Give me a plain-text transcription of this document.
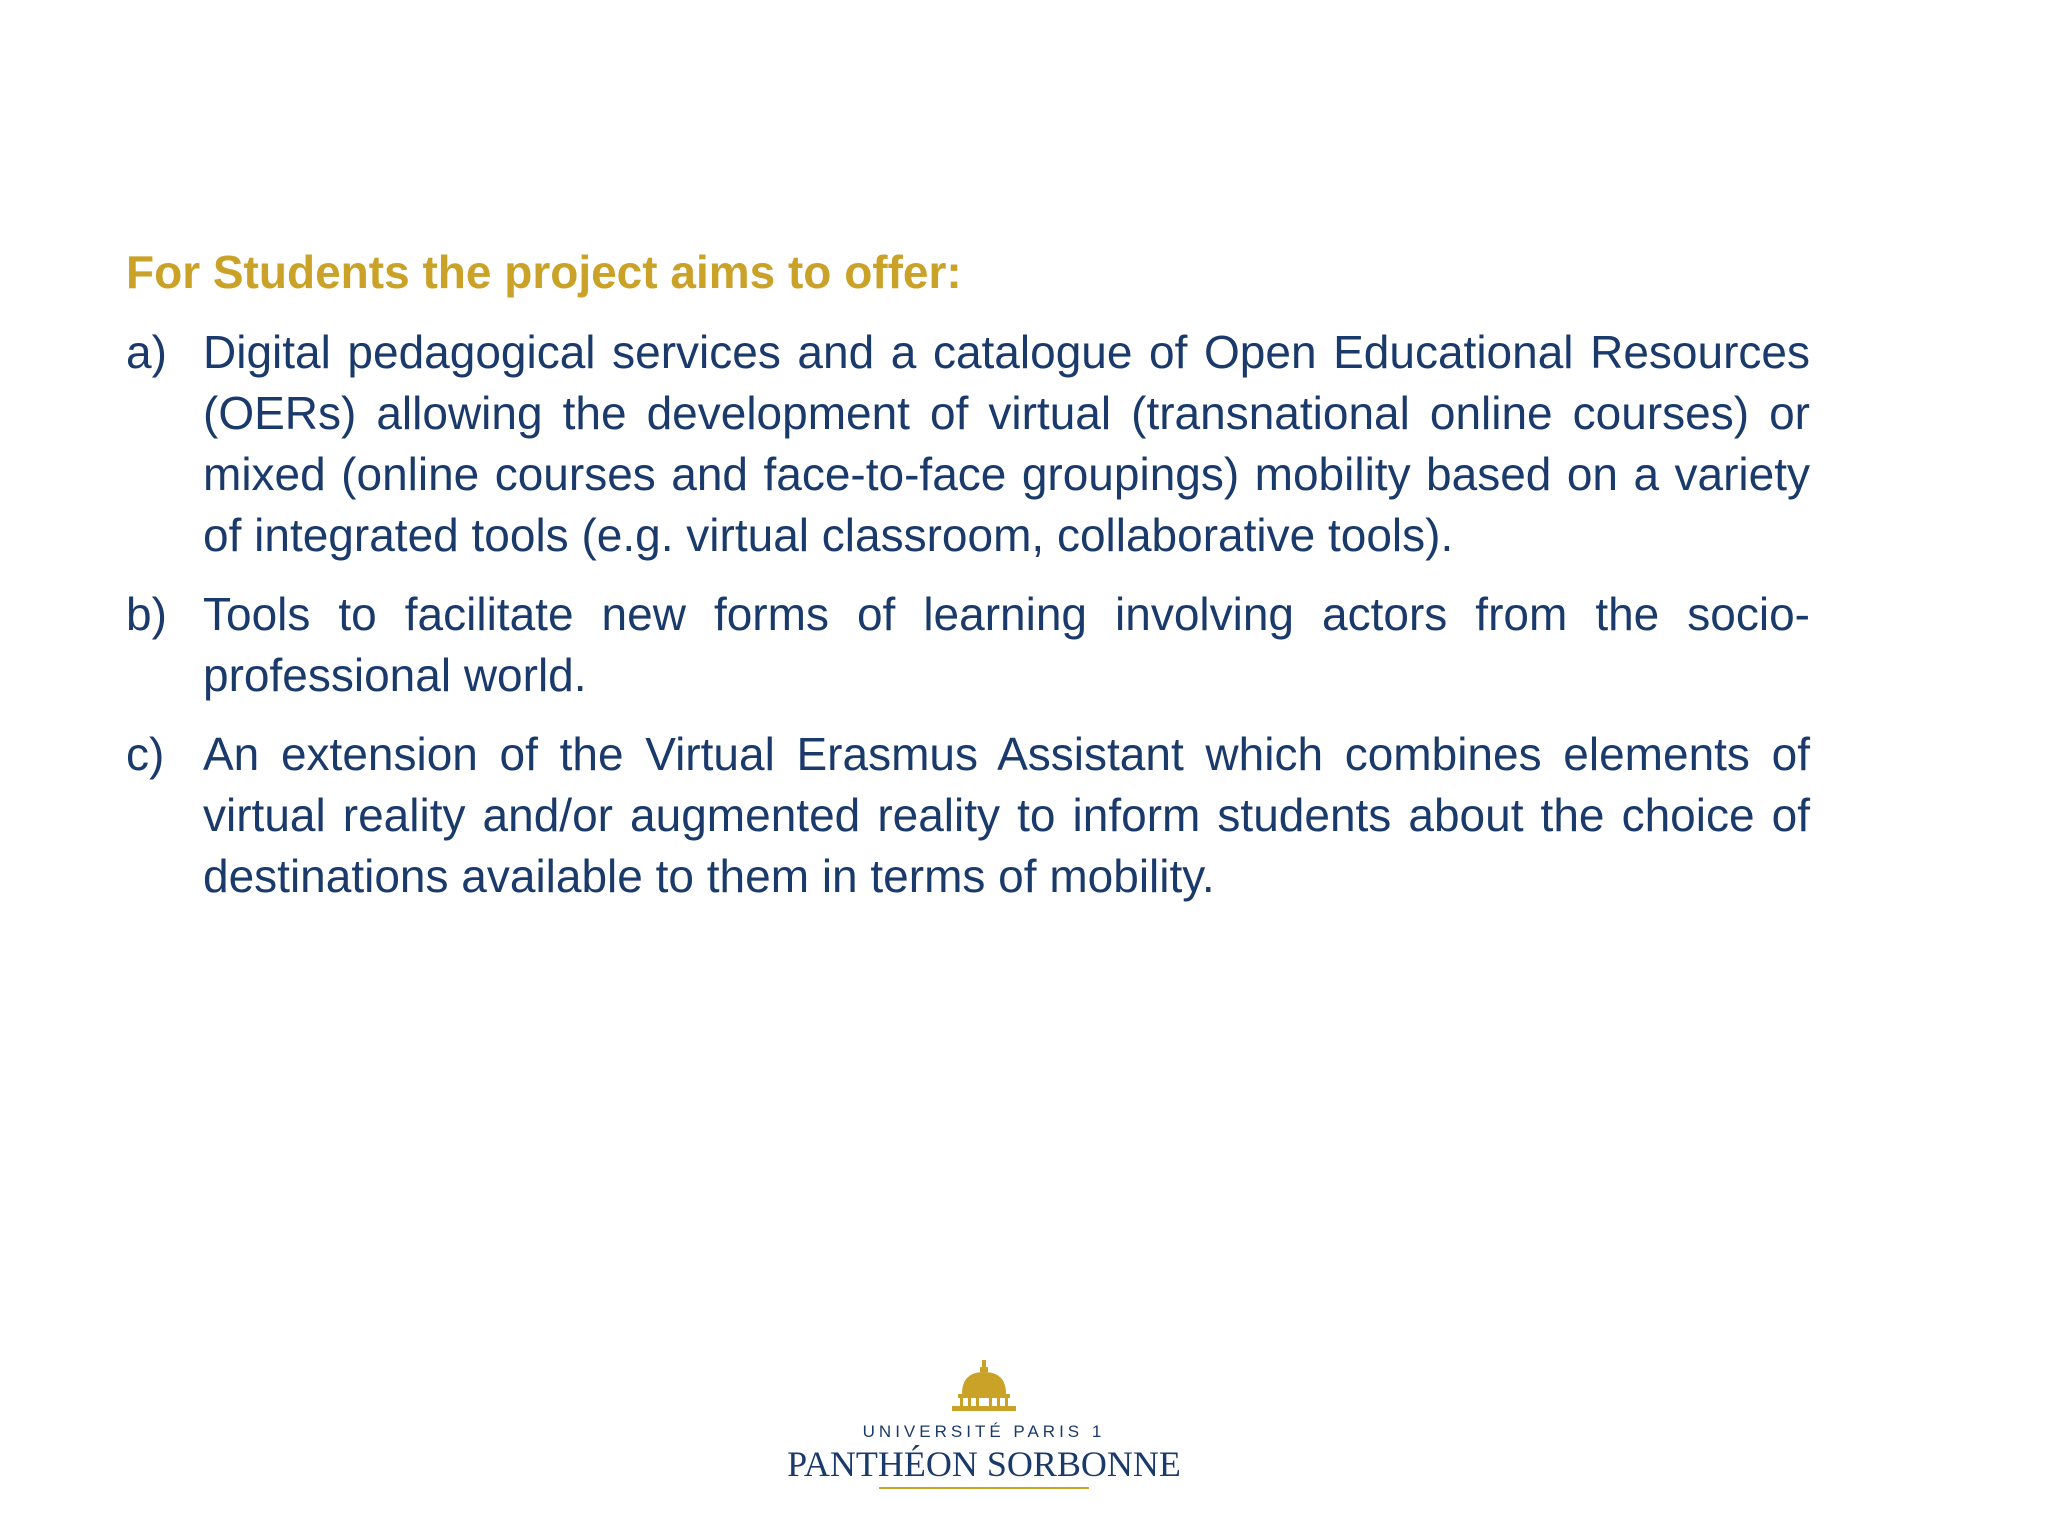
For Students the project aims to offer:
a) Digital pedagogical services and a catalogue of Open Educational Resources (OERs) allowing the development of virtual (transnational online courses) or mixed (online courses and face-to-face groupings) mobility based on a variety of integrated tools (e.g. virtual classroom, collaborative tools).
b) Tools to facilitate new forms of learning involving actors from the socio-professional world.
c) An extension of the Virtual Erasmus Assistant which combines elements of virtual reality and/or augmented reality to inform students about the choice of destinations available to them in terms of mobility.
UNIVERSITÉ PARIS 1
PANTHÉON SORBONNE
